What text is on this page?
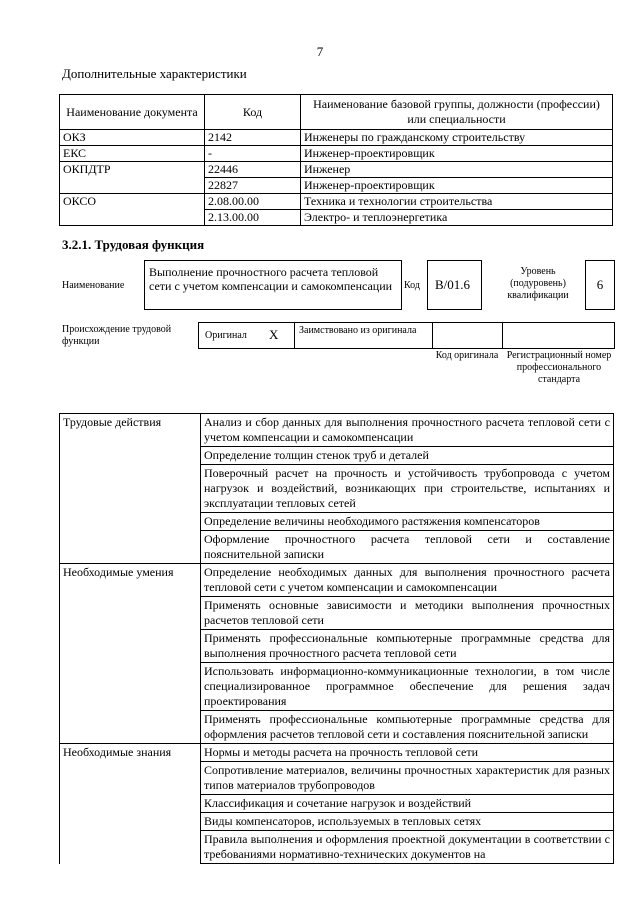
7
Дополнительные характеристики
Наименование документа	Код	Наименование базовой группы, должности (профессии) или специальности
ОКЗ	2142	Инженеры по гражданскому строительству
ЕКС	-	Инженер-проектировщик
ОКПДТР	22446	Инженер
	22827	Инженер-проектировщик
ОКСО	2.08.00.00	Техника и технологии строительства
	2.13.00.00	Электро- и теплоэнергетика
3.2.1. Трудовая функция
Наименование
Выполнение прочностного расчета тепловой сети с учетом компенсации и самокомпенсации	Код	B/01.6
Уровень (подуровень) квалификации
6
Происхождение трудовой функции
Оригинал X	Заимствовано из оригинала
Код оригинала Регистрационный номер профессионального стандарта
Трудовые действия	Анализ и сбор данных для выполнения прочностного расчета тепловой сети с учетом компенсации и самокомпенсации
	Определение толщин стенок труб и деталей
	Поверочный расчет на прочность и устойчивость трубопровода с учетом нагрузок и воздействий, возникающих при строительстве, испытаниях и эксплуатации тепловых сетей
	Определение величины необходимого растяжения компенсаторов
	Оформление прочностного расчета тепловой сети и составление пояснительной записки
Необходимые умения	Определение необходимых данных для выполнения прочностного расчета тепловой сети с учетом компенсации и самокомпенсации
	Применять основные зависимости и методики выполнения прочностных расчетов тепловой сети
	Применять профессиональные компьютерные программные средства для выполнения прочностного расчета тепловой сети
	Использовать информационно-коммуникационные технологии, в том числе специализированное программное обеспечение для решения задач проектирования
	Применять профессиональные компьютерные программные средства для оформления расчетов тепловой сети и составления пояснительной записки
Необходимые знания	Нормы и методы расчета на прочность тепловой сети
	Сопротивление материалов, величины прочностных характеристик для разных типов материалов трубопроводов
	Классификация и сочетание нагрузок и воздействий
	Виды компенсаторов, используемых в тепловых сетях
	Правила выполнения и оформления проектной документации в соответствии с требованиями нормативно-технических документов на
